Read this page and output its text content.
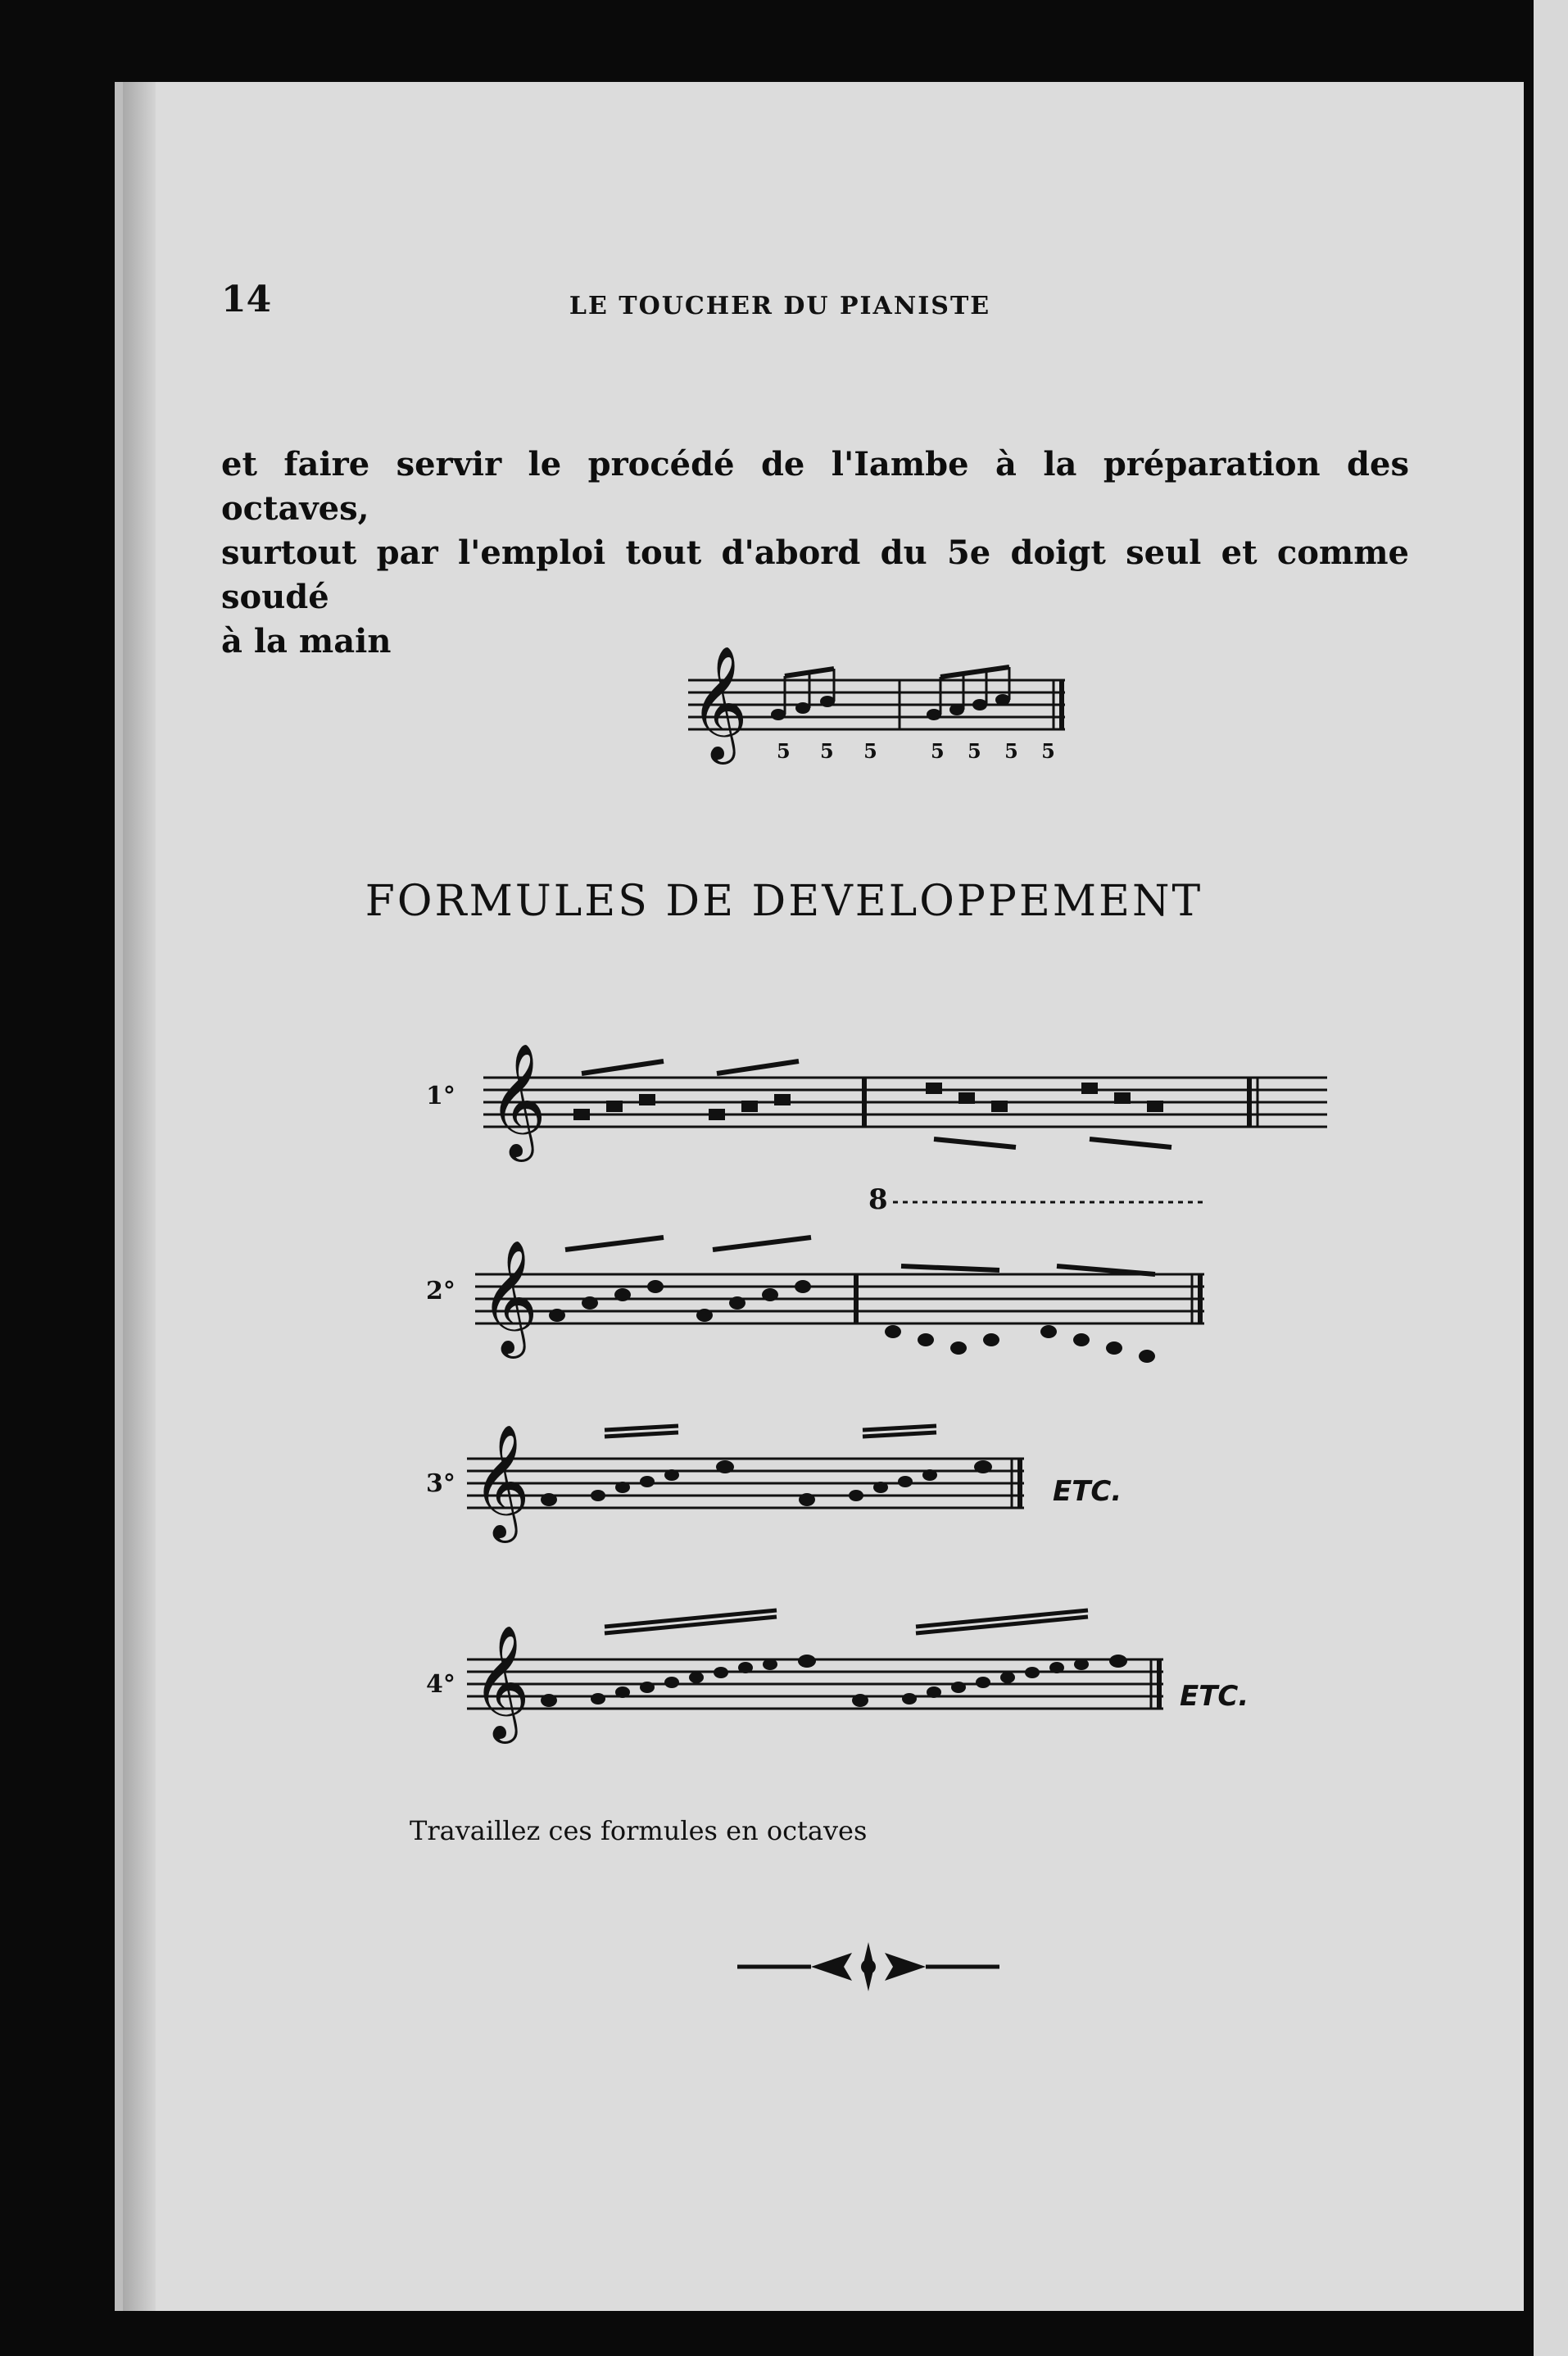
14	LE TOUCHER DU PIANISTE

et faire servir le procédé de l'Iambe à la préparation des octaves,

surtout par l'emploi tout d'abord du 5e doigt seul et comme soudé

à la main

𝄞 5 5 5 5 5 5 5
FORMULES DE DEVELOPPEMENT
1° 𝄞
2°
8
𝄞
3° 𝄞	ETC.
4° 𝄞	ETC.
Travaillez ces formules en octaves
